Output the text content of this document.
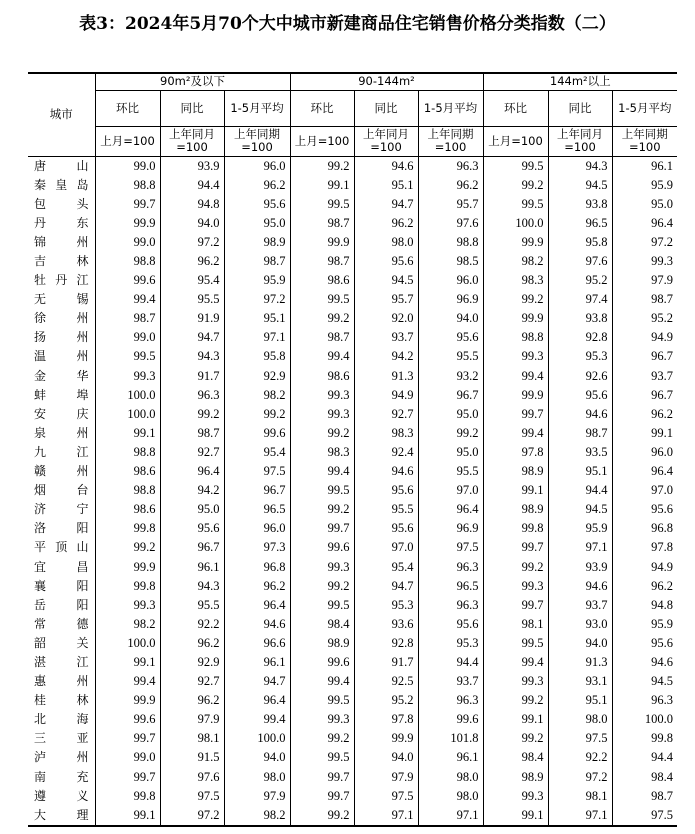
表3：2024年5月70个大中城市新建商品住宅销售价格分类指数（二）
城市	90m²及以下			90-144m²			144m²以上		
	环比	同比	1-5月平均	环比	同比	1-5月平均	环比	同比	1-5月平均
	上月=100	上年同月=100	上年同期=100	上月=100	上年同月=100	上年同期=100	上月=100	上年同月=100	上年同期=100

唐山	99.0	93.9	96.0	99.2	94.6	96.3	99.5	94.3	96.1

秦皇岛	98.8	94.4	96.2	99.1	95.1	96.2	99.2	94.5	95.9

包头	99.7	94.8	95.6	99.5	94.7	95.7	99.5	93.8	95.0

丹东	99.9	94.0	95.0	98.7	96.2	97.6	100.0	96.5	96.4

锦州	99.0	97.2	98.9	99.9	98.0	98.8	99.9	95.8	97.2

吉林	98.8	96.2	98.7	98.7	95.6	98.5	98.2	97.6	99.3

牡丹江	99.6	95.4	95.9	98.6	94.5	96.0	98.3	95.2	97.9

无锡	99.4	95.5	97.2	99.5	95.7	96.9	99.2	97.4	98.7

徐州	98.7	91.9	95.1	99.2	92.0	94.0	99.9	93.8	95.2

扬州	99.0	94.7	97.1	98.7	93.7	95.6	98.8	92.8	94.9

温州	99.5	94.3	95.8	99.4	94.2	95.5	99.3	95.3	96.7

金华	99.3	91.7	92.9	98.6	91.3	93.2	99.4	92.6	93.7

蚌埠	100.0	96.3	98.2	99.3	94.9	96.7	99.9	95.6	96.7

安庆	100.0	99.2	99.2	99.3	92.7	95.0	99.7	94.6	96.2

泉州	99.1	98.7	99.6	99.2	98.3	99.2	99.4	98.7	99.1

九江	98.8	92.7	95.4	98.3	92.4	95.0	97.8	93.5	96.0

赣州	98.6	96.4	97.5	99.4	94.6	95.5	98.9	95.1	96.4

烟台	98.8	94.2	96.7	99.5	95.6	97.0	99.1	94.4	97.0

济宁	98.6	95.0	96.5	99.2	95.5	96.4	98.9	94.5	95.6

洛阳	99.8	95.6	96.0	99.7	95.6	96.9	99.8	95.9	96.8

平顶山	99.2	96.7	97.3	99.6	97.0	97.5	99.7	97.1	97.8

宜昌	99.9	96.1	96.8	99.3	95.4	96.3	99.2	93.9	94.9

襄阳	99.8	94.3	96.2	99.2	94.7	96.5	99.3	94.6	96.2

岳阳	99.3	95.5	96.4	99.5	95.3	96.3	99.7	93.7	94.8

常德	98.2	92.2	94.6	98.4	93.6	95.6	98.1	93.0	95.9

韶关	100.0	96.2	96.6	98.9	92.8	95.3	99.5	94.0	95.6

湛江	99.1	92.9	96.1	99.6	91.7	94.4	99.4	91.3	94.6

惠州	99.4	92.7	94.7	99.4	92.5	93.7	99.3	93.1	94.5

桂林	99.9	96.2	96.4	99.5	95.2	96.3	99.2	95.1	96.3

北海	99.6	97.9	99.4	99.3	97.8	99.6	99.1	98.0	100.0

三亚	99.7	98.1	100.0	99.2	99.9	101.8	99.2	97.5	99.8

泸州	99.0	91.5	94.0	99.5	94.0	96.1	98.4	92.2	94.4

南充	99.7	97.6	98.0	99.7	97.9	98.0	98.9	97.2	98.4

遵义	99.8	97.5	97.9	99.7	97.5	98.0	99.3	98.1	98.7

大理	99.1	97.2	98.2	99.2	97.1	97.1	99.1	97.1	97.5
